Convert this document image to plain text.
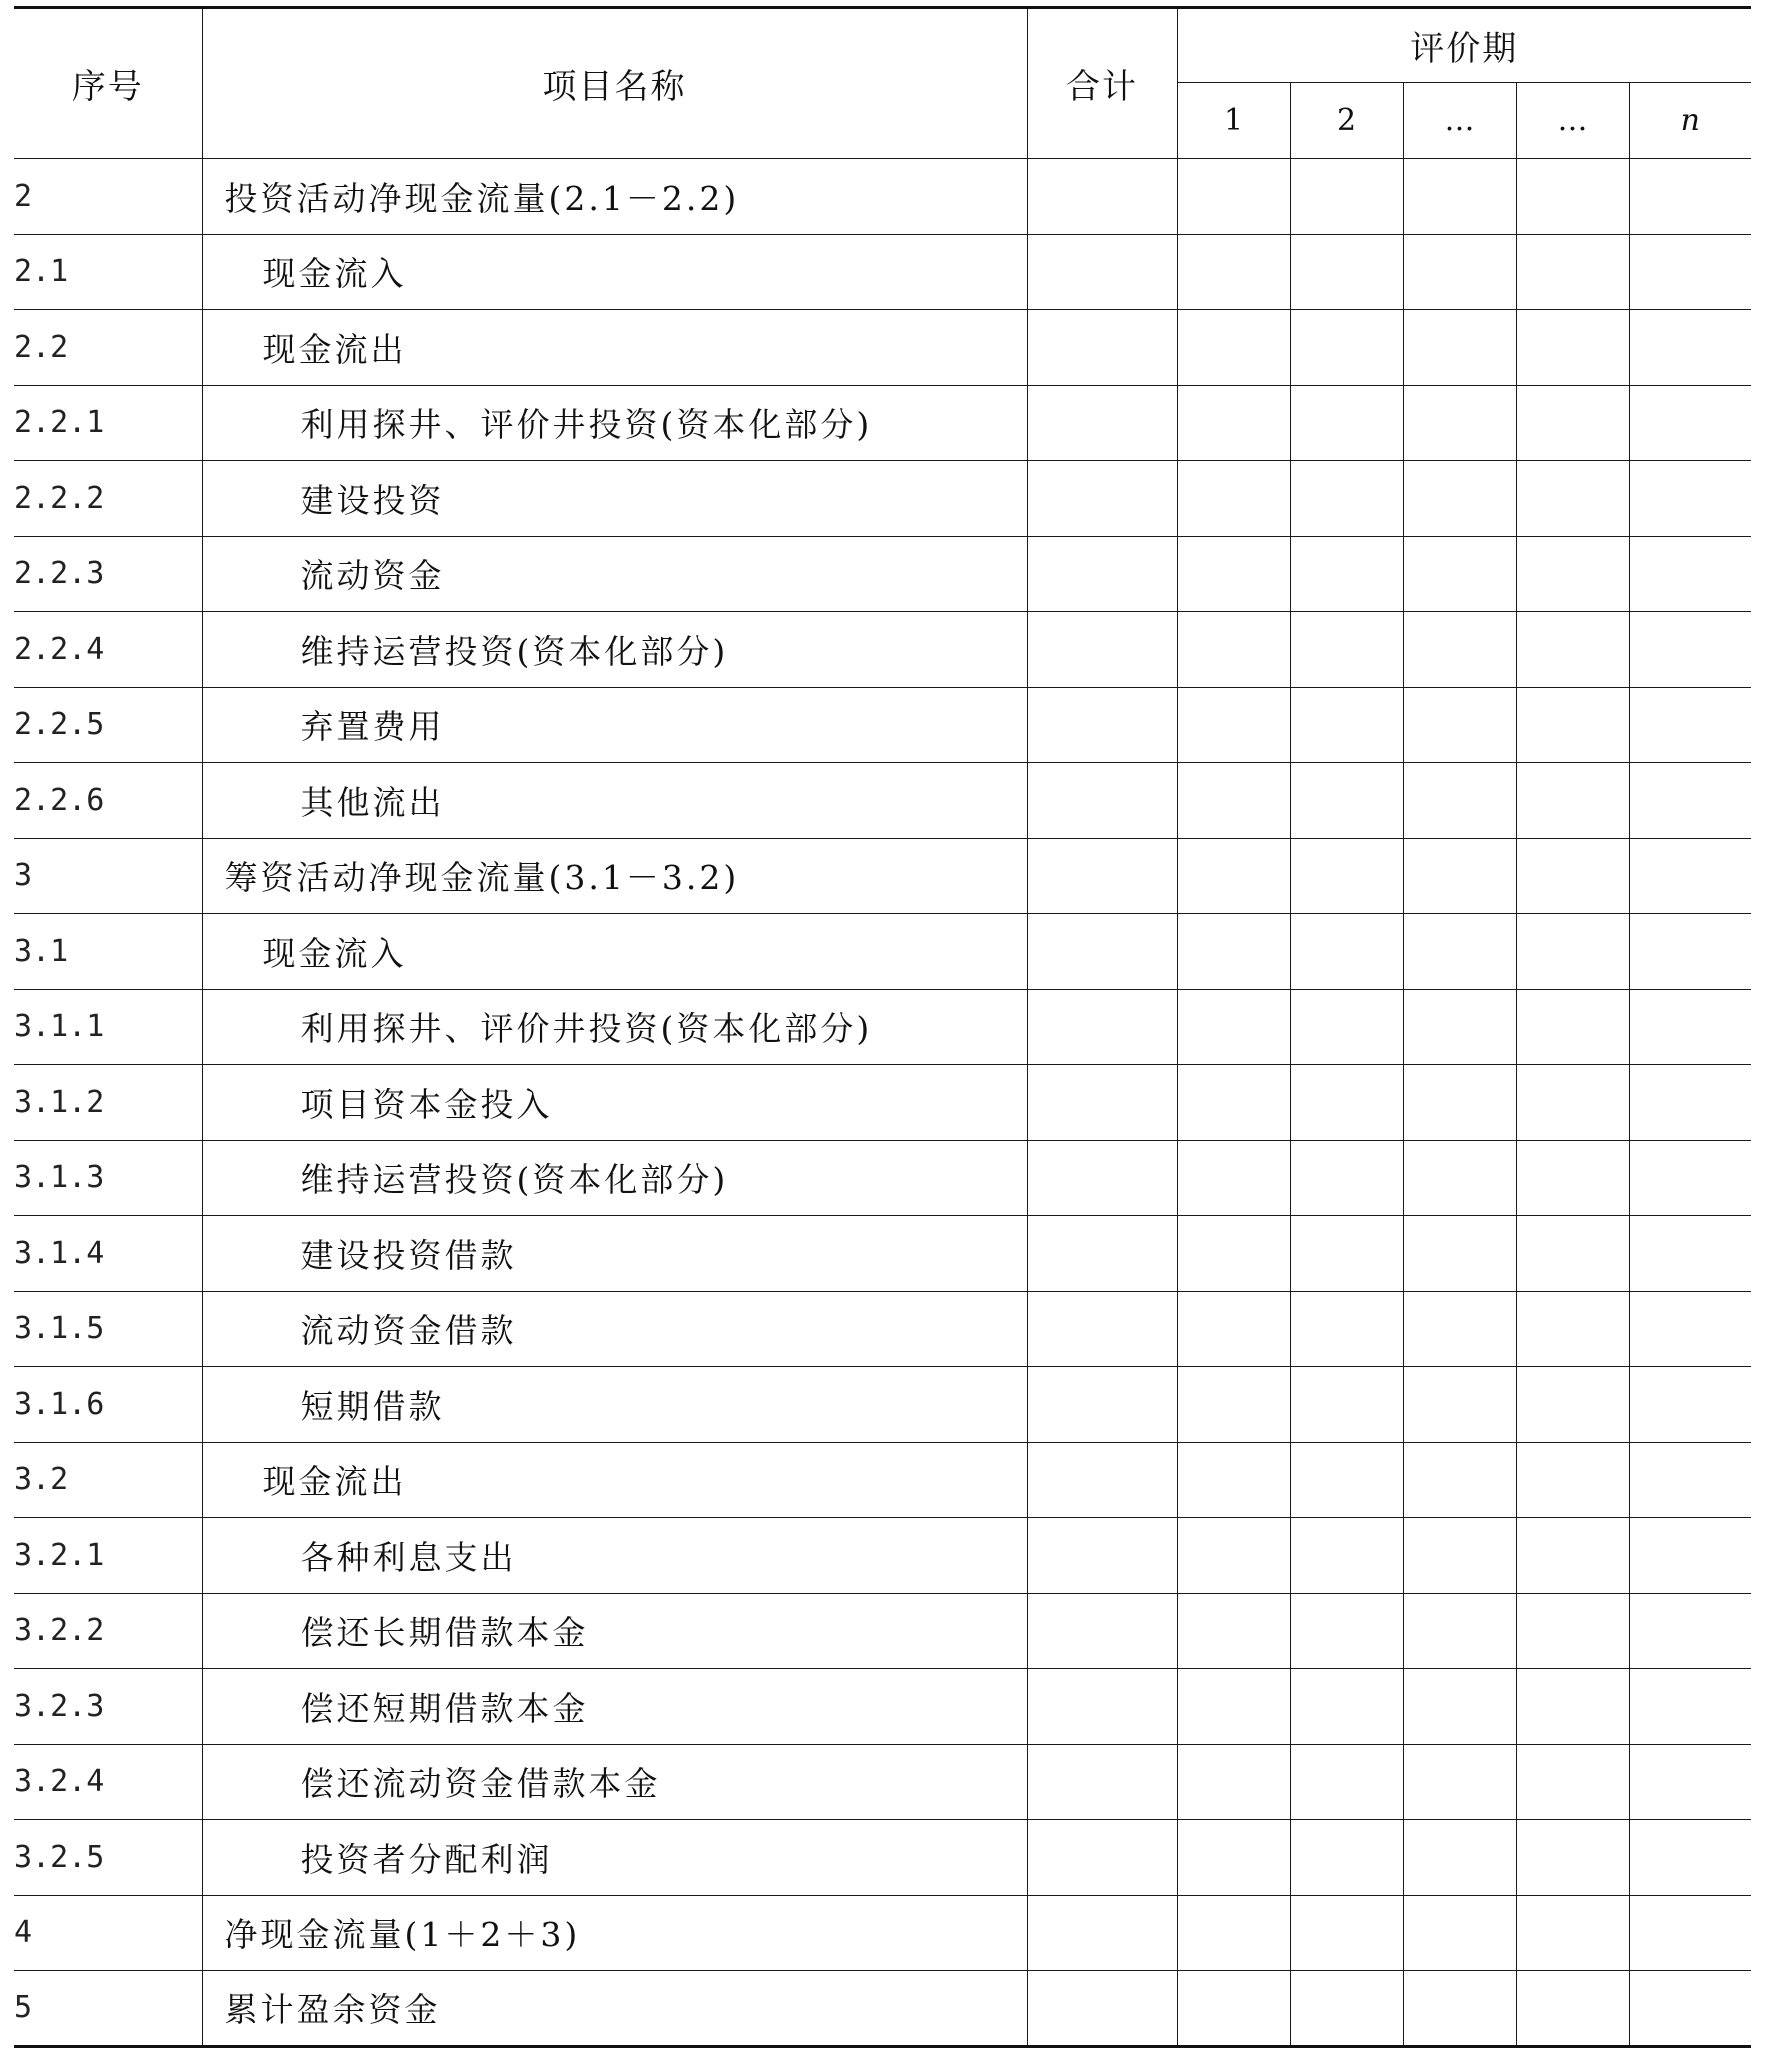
序号	项目名称	合计	评价期				
			1	2	…	…	n
2	投资活动净现金流量(2.1－2.2)						
2.1	现金流入						
2.2	现金流出						
2.2.1	利用探井、评价井投资(资本化部分)						
2.2.2	建设投资						
2.2.3	流动资金						
2.2.4	维持运营投资(资本化部分)						
2.2.5	弃置费用						
2.2.6	其他流出						
3	筹资活动净现金流量(3.1－3.2)						
3.1	现金流入						
3.1.1	利用探井、评价井投资(资本化部分)						
3.1.2	项目资本金投入						
3.1.3	维持运营投资(资本化部分)						
3.1.4	建设投资借款						
3.1.5	流动资金借款						
3.1.6	短期借款						
3.2	现金流出						
3.2.1	各种利息支出						
3.2.2	偿还长期借款本金						
3.2.3	偿还短期借款本金						
3.2.4	偿还流动资金借款本金						
3.2.5	投资者分配利润						
4	净现金流量(1＋2＋3)						
5	累计盈余资金						
